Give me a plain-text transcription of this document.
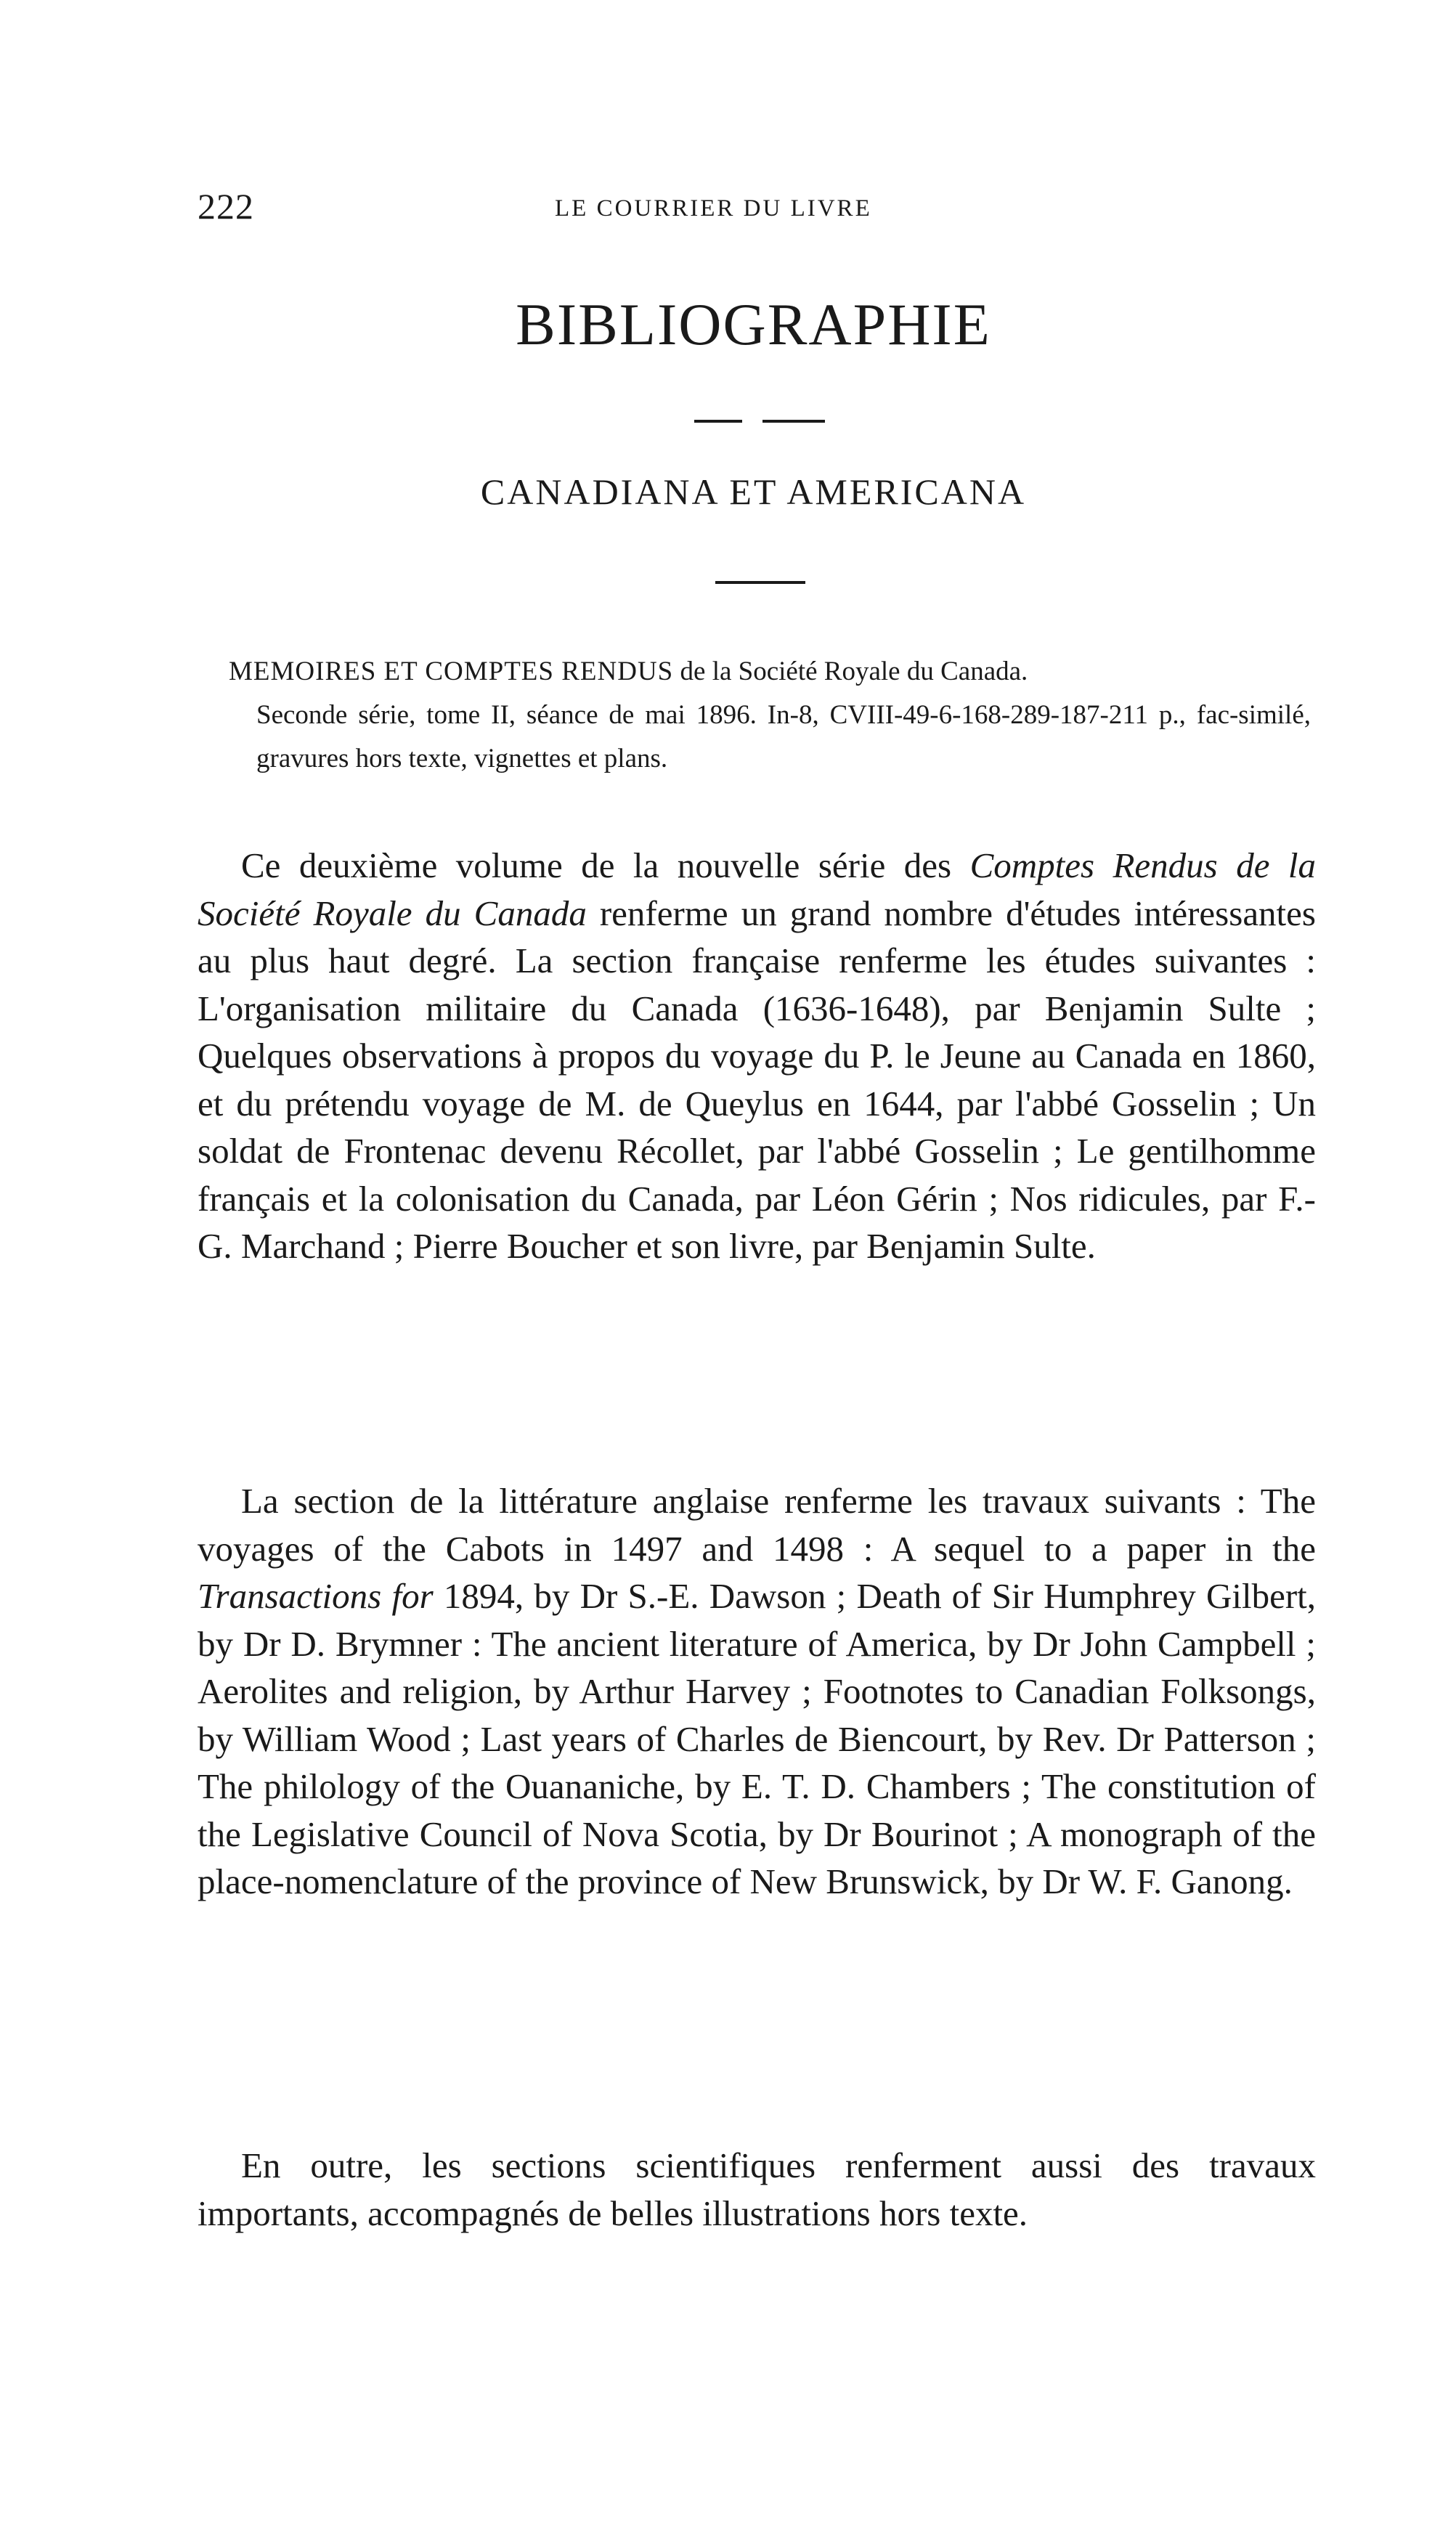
222	LE COURRIER DU LIVRE
BIBLIOGRAPHIE
CANADIANA ET AMERICANA
MEMOIRES ET COMPTES RENDUS de la Société Royale du Canada.
Seconde série, tome II, séance de mai 1896. In-8, CVIII-49-6-168-289-187-211 p., fac-similé, gravures hors texte, vignettes et plans.

Ce deuxième volume de la nouvelle série des Comptes Rendus de la Société Royale du Canada renferme un grand nombre d'études intéressantes au plus haut degré. La section française renferme les études suivantes : L'organisation militaire du Canada (1636-1648), par Benjamin Sulte ; Quelques observations à propos du voyage du P. le Jeune au Canada en 1860, et du prétendu voyage de M. de Queylus en 1644, par l'abbé Gosselin ; Un soldat de Frontenac devenu Récollet, par l'abbé Gosselin ; Le gentilhomme français et la colonisation du Canada, par Léon Gérin ; Nos ridicules, par F.-G. Marchand ; Pierre Boucher et son livre, par Benjamin Sulte.

La section de la littérature anglaise renferme les travaux suivants : The voyages of the Cabots in 1497 and 1498 : A sequel to a paper in the Transactions for 1894, by Dr S.-E. Dawson ; Death of Sir Humphrey Gilbert, by Dr D. Brymner : The ancient literature of America, by Dr John Campbell ; Aerolites and religion, by Arthur Harvey ; Footnotes to Canadian Folksongs, by William Wood ; Last years of Charles de Biencourt, by Rev. Dr Patterson ; The philology of the Ouananiche, by E. T. D. Chambers ; The constitution of the Legislative Council of Nova Scotia, by Dr Bourinot ; A monograph of the place-nomenclature of the province of New Brunswick, by Dr W. F. Ganong.

En outre, les sections scientifiques renferment aussi des travaux importants, accompagnés de belles illustrations hors texte.
